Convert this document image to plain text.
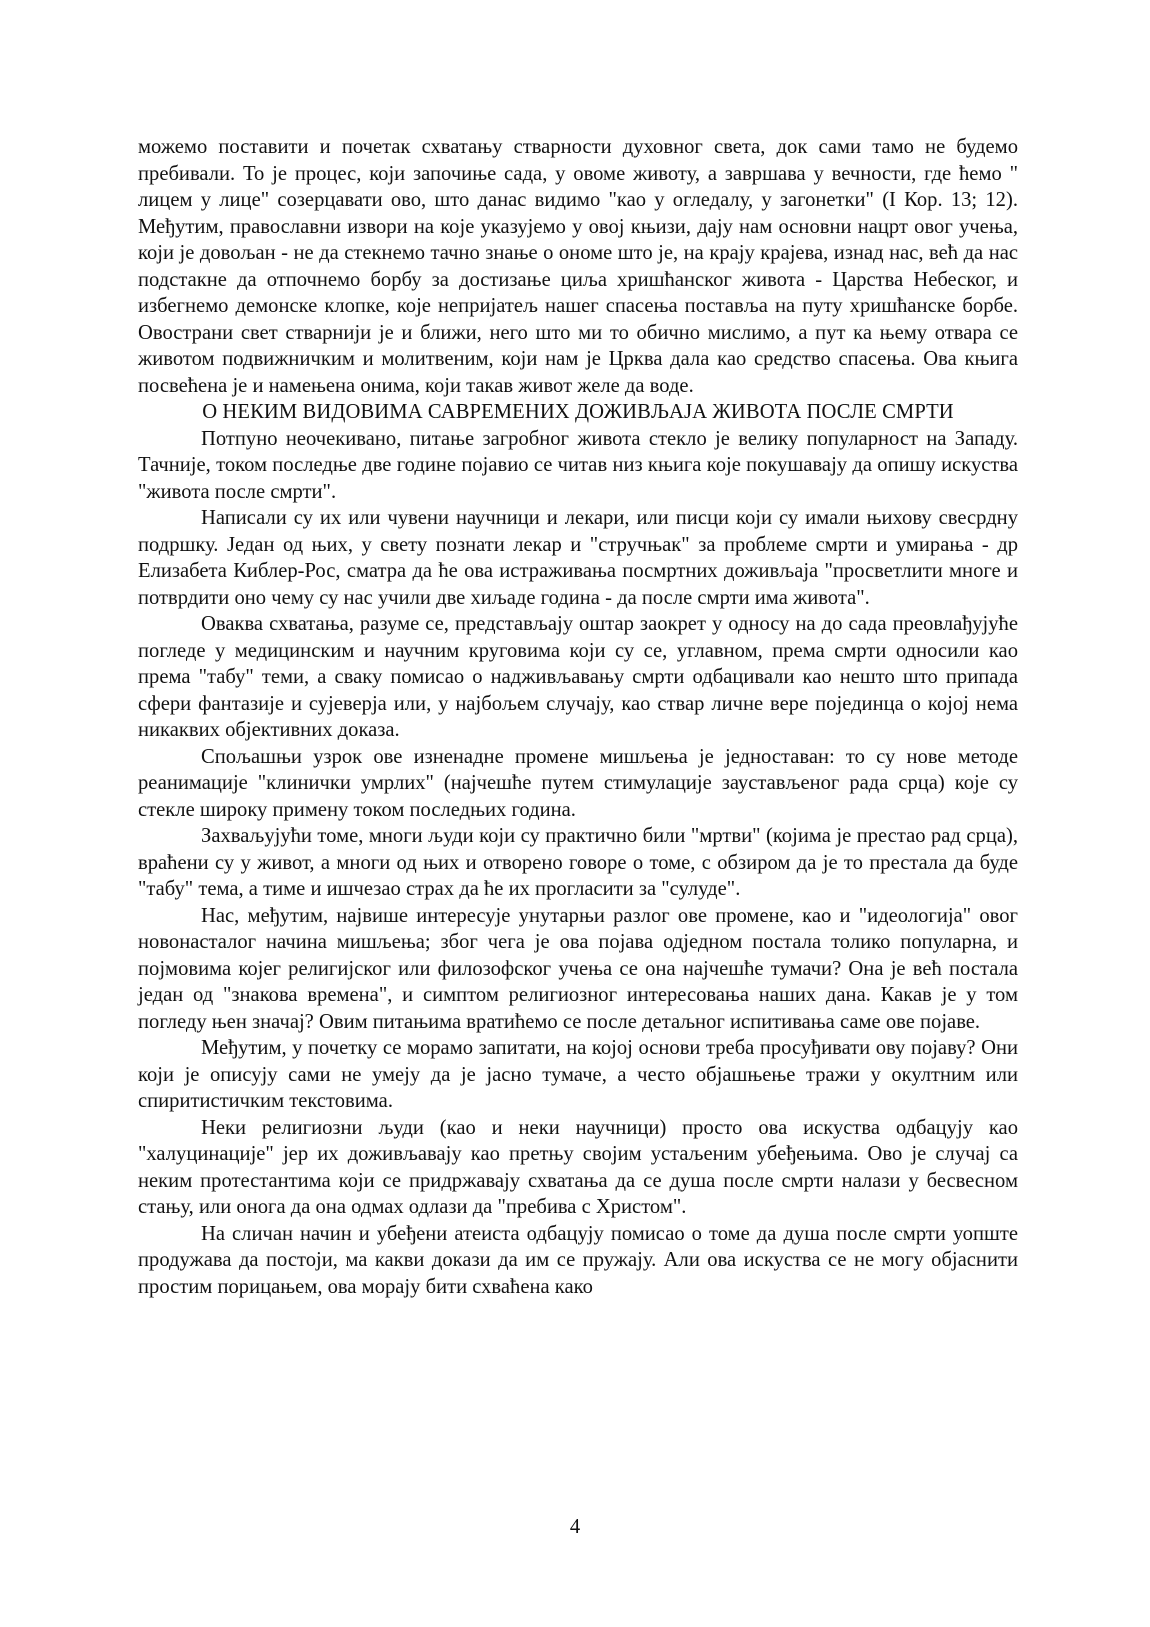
можемо поставити и почетак схватању стварности духовног света, док сами тамо не будемо пребивали. То је процес, који започиње сада, у овоме животу, а завршава у вечности, где ћемо " лицем у лице" созерцавати ово, што данас видимо "као у огледалу, у загонетки" (I Кор. 13; 12). Међутим, православни извори на које указујемо у овој књизи, дају нам основни нацрт овог учења, који је довољан - не да стекнемо тачно знање о ономе што је, на крају крајева, изнад нас, већ да нас подстакне да отпочнемо борбу за достизање циља хришћанског живота - Царства Небеског, и избегнемо демонске клопке, које непријатељ нашег спасења поставља на путу хришћанске борбе. Овострани свет стварнији је и ближи, него што ми то обично мислимо, а пут ка њему отвара се животом подвижничким и молитвеним, који нам је Црква дала као средство спасења. Ова књига посвећена је и намењена онима, који такав живот желе да воде.

О НЕКИМ ВИДОВИМА САВРЕМЕНИХ ДОЖИВЉАЈА ЖИВОТА ПОСЛЕ СМРТИ

Потпуно неочекивано, питање загробног живота стекло је велику популарност на Западу. Тачније, током последње две године појавио се читав низ књига које покушавају да опишу искуства "живота после смрти".

Написали су их или чувени научници и лекари, или писци који су имали њихову свесрдну подршку. Један од њих, у свету познати лекар и "стручњак" за проблеме смрти и умирања - др Елизабета Киблер-Рос, сматра да ће ова истраживања посмртних доживљаја "просветлити многе и потврдити оно чему су нас учили две хиљаде година - да после смрти има живота".

Оваква схватања, разуме се, представљају оштар заокрет у односу на до сада преовлађујуће погледе у медицинским и научним круговима који су се, углавном, према смрти односили као према "табу" теми, а сваку помисао о надживљавању смрти одбацивали као нешто што припада сфери фантазије и сујеверја или, у најбољем случају, као ствар личне вере појединца о којој нема никаквих објективних доказа.

Спољашњи узрок ове изненадне промене мишљења је једноставан: то су нове методе реанимације "клинички умрлих" (најчешће путем стимулације заустављеног рада срца) које су стекле широку примену током последњих година.

Захваљујући томе, многи људи који су практично били "мртви" (којима је престао рад срца), враћени су у живот, а многи од њих и отворено говоре о томе, с обзиром да је то престала да буде "табу" тема, а тиме и ишчезао страх да ће их прогласити за "сулуде".

Нас, међутим, највише интересује унутарњи разлог ове промене, као и "идеологија" овог новонасталог начина мишљења; због чега је ова појава одједном постала толико популарна, и појмовима којег религијског или филозофског учења се она најчешће тумачи? Она је већ постала један од "знакова времена", и симптом религиозног интересовања наших дана. Какав је у том погледу њен значај? Овим питањима вратићемо се после детаљног испитивања саме ове појаве.

Међутим, у почетку се морамо запитати, на којој основи треба просуђивати ову појаву? Они који је описују сами не умеју да је јасно тумаче, а често објашњење тражи у окултним или спиритистичким текстовима.

Неки религиозни људи (као и неки научници) просто ова искуства одбацују као "халуцинације" јер их доживљавају као претњу својим устаљеним убеђењима. Ово је случај са неким протестантима који се придржавају схватања да се душа после смрти налази у бесвесном стању, или онога да она одмах одлази да "пребива с Христом".

На сличан начин и убеђени атеиста одбацују помисао о томе да душа после смрти уопште продужава да постоји, ма какви докази да им се пружају. Али ова искуства се не могу објаснити простим порицањем, ова морају бити схваћена како

4
